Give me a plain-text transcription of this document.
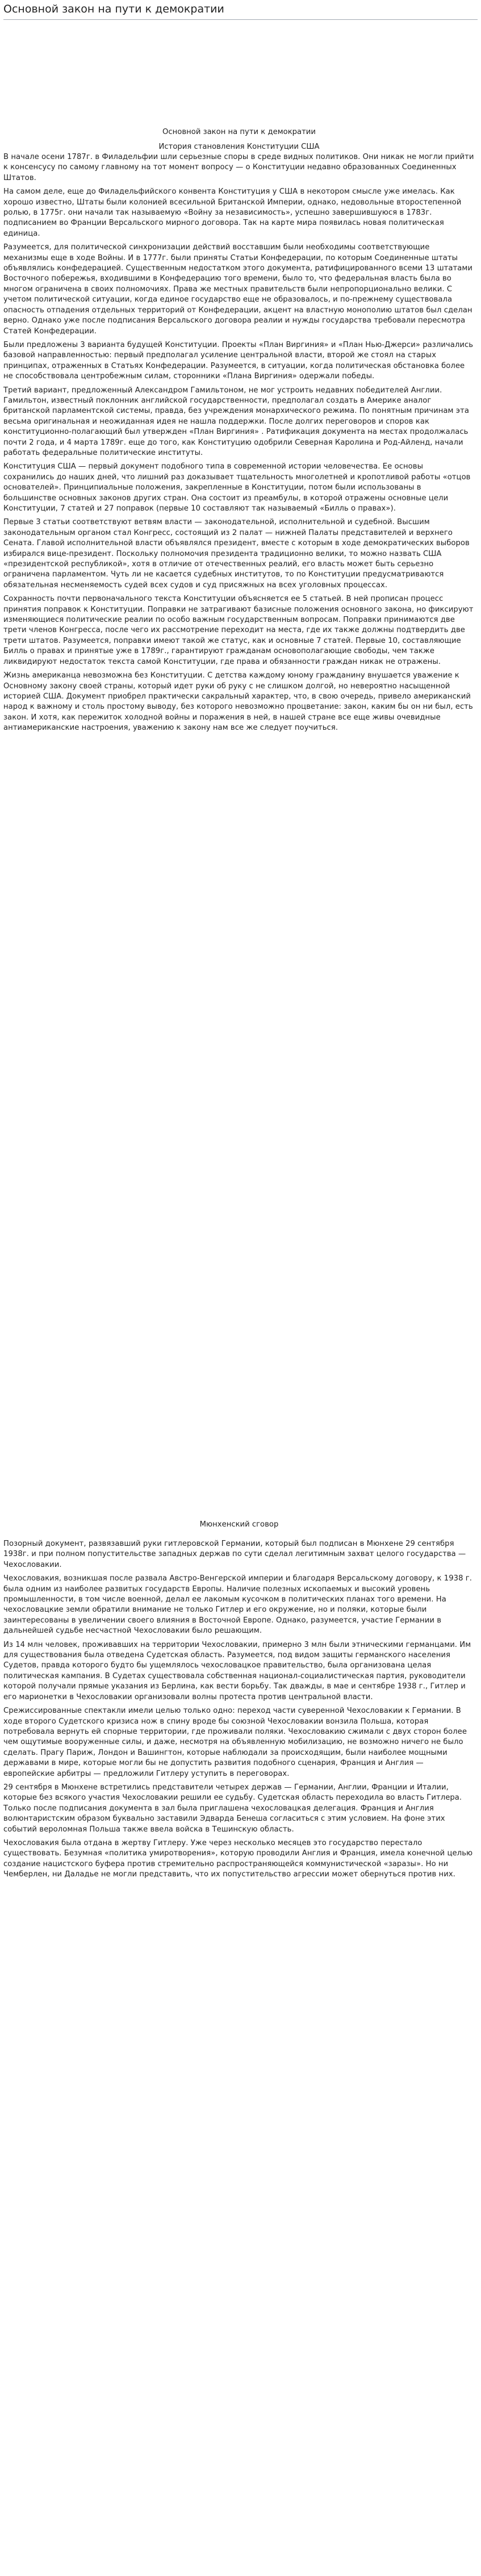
Основной закон на пути к демократии

Основной закон на пути к демократии

История становления Конституции США

В начале осени 1787г. в Филадельфии шли серьезные споры в среде видных политиков. Они никак не могли прийти к консенсусу по самому главному на тот момент вопросу — о Конституции недавно образованных Соединенных Штатов.

На самом деле, еще до Филадельфийского конвента Конституция у США в некотором смысле уже имелась. Как хорошо известно, Штаты были колонией всесильной Британской Империи, однако, недовольные второстепенной ролью, в 1775г. они начали так называемую «Войну за независимость», успешно завершившуюся в 1783г. подписанием во Франции Версальского мирного договора. Так на карте мира появилась новая политическая единица.

Разумеется, для политической синхронизации действий восставшим были необходимы соответствующие механизмы еще в ходе Войны. И в 1777г. были приняты Статьи Конфедерации, по которым Соединенные штаты объявлялись конфедерацией. Существенным недостатком этого документа, ратифицированного всеми 13 штатами Восточного побережья, входившими в Конфедерацию того времени, было то, что федеральная власть была во многом ограничена в своих полномочиях. Права же местных правительств были непропорционально велики. С учетом политической ситуации, когда единое государство еще не образовалось, и по-прежнему существовала опасность отпадения отдельных территорий от Конфедерации, акцент на властную монополию штатов был сделан верно. Однако уже после подписания Версальского договора реалии и нужды государства требовали пересмотра Статей Конфедерации.

Были предложены 3 варианта будущей Конституции. Проекты «План Виргиния» и «План Нью-Джерси» различались базовой направленностью: первый предполагал усиление центральной власти, второй же стоял на старых принципах, отраженных в Статьях Конфедерации. Разумеется, в ситуации, когда политическая обстановка более не способствовала центробежным силам, сторонники «Плана Виргиния» одержали победы.

Третий вариант, предложенный Александром Гамильтоном, не мог устроить недавних победителей Англии. Гамильтон, известный поклонник английской государственности, предполагал создать в Америке аналог британской парламентской системы, правда, без учреждения монархического режима. По понятным причинам эта весьма оригинальная и неожиданная идея не нашла поддержки. После долгих переговоров и споров как конституционно-полагающий был утвержден «План Виргиния» . Ратификация документа на местах продолжалась почти 2 года, и 4 марта 1789г. еще до того, как Конституцию одобрили Северная Каролина и Род-Айленд, начали работать федеральные политические институты.

Конституция США — первый документ подобного типа в современной истории человечества. Ее основы сохранились до наших дней, что лишний раз доказывает тщательность многолетней и кропотливой работы «отцов основателей». Принципиальные положения, закрепленные в Конституции, потом были использованы в большинстве основных законов других стран. Она состоит из преамбулы, в которой отражены основные цели Конституции, 7 статей и 27 поправок (первые 10 составляют так называемый «Билль о правах»).

Первые 3 статьи соответствуют ветвям власти — законодательной, исполнительной и судебной. Высшим законодательным органом стал Конгресс, состоящий из 2 палат — нижней Палаты представителей и верхнего Сената. Главой исполнительной власти объявлялся президент, вместе с которым в ходе демократических выборов избирался вице-президент. Поскольку полномочия президента традиционно велики, то можно назвать США «президентской республикой», хотя в отличие от отечественных реалий, его власть может быть серьезно ограничена парламентом. Чуть ли не касается судебных институтов, то по Конституции предусматриваются обязательная несменяемость судей всех судов и суд присяжных на всех уголовных процессах.

Сохранность почти первоначального текста Конституции объясняется ее 5 статьей. В ней прописан процесс принятия поправок к Конституции. Поправки не затрагивают базисные положения основного закона, но фиксируют изменяющиеся политические реалии по особо важным государственным вопросам. Поправки принимаются две трети членов Конгресса, после чего их рассмотрение переходит на места, где их также должны подтвердить две трети штатов. Разумеется, поправки имеют такой же статус, как и основные 7 статей. Первые 10, составляющие Билль о правах и принятые уже в 1789г., гарантируют гражданам основополагающие свободы, чем также ликвидируют недостаток текста самой Конституции, где права и обязанности граждан никак не отражены.

Жизнь американца невозможна без Конституции. С детства каждому юному гражданину внушается уважение к Основному закону своей страны, который идет руки об руку с не слишком долгой, но невероятно насыщенной историей США. Документ приобрел практически сакральный характер, что, в свою очередь, привело американский народ к важному и столь простому выводу, без которого невозможно процветание: закон, каким бы он ни был, есть закон. И хотя, как пережиток холодной войны и поражения в ней, в нашей стране все еще живы очевидные антиамериканские настроения, уважению к закону нам все же следует поучиться.

Мюнхенский сговор

Позорный документ, развязавший руки гитлеровской Германии, который был подписан в Мюнхене 29 сентября 1938г. и при полном попустительстве западных держав по сути сделал легитимным захват целого государства — Чехословакии.

Чехословакия, возникшая после развала Австро-Венгерской империи и благодаря Версальскому договору, к 1938 г. была одним из наиболее развитых государств Европы. Наличие полезных ископаемых и высокий уровень промышленности, в том числе военной, делал ее лакомым кусочком в политических планах того времени. На чехословацкие земли обратили внимание не только Гитлер и его окружение, но и поляки, которые были заинтересованы в увеличении своего влияния в Восточной Европе. Однако, разумеется, участие Германии в дальнейшей судьбе несчастной Чехословакии было решающим.

Из 14 млн человек, проживавших на территории Чехословакии, примерно 3 млн были этническими германцами. Им для существования была отведена Судетская область. Разумеется, под видом защиты германского населения Судетов, правда которого будто бы ущемлялось чехословацкое правительство, была организована целая политическая кампания. В Судетах существовала собственная национал-социалистическая партия, руководители которой получали прямые указания из Берлина, как вести борьбу. Так дважды, в мае и сентябре 1938 г., Гитлер и его марионетки в Чехословакии организовали волны протеста против центральной власти.

Срежиссированные спектакли имели целью только одно: переход части суверенной Чехословакии к Германии. В ходе второго Судетского кризиса нож в спину вроде бы союзной Чехословакии вонзила Польша, которая потребовала вернуть ей спорные территории, где проживали поляки. Чехословакию сжимали с двух сторон более чем ощутимые вооруженные силы, и даже, несмотря на объявленную мобилизацию, не возможно ничего не было сделать. Прагу Париж, Лондон и Вашингтон, которые наблюдали за происходящим, были наиболее мощными державами в мире, которые могли бы не допустить развития подобного сценария, Франция и Англия — европейские арбитры — предложили Гитлеру уступить в переговорах.

29 сентября в Мюнхене встретились представители четырех держав — Германии, Англии, Франции и Италии, которые без всякого участия Чехословакии решили ее судьбу. Судетская область переходила во власть Гитлера. Только после подписания документа в зал была приглашена чехословацкая делегация. Франция и Англия волюнтаристским образом буквально заставили Эдварда Бенеша согласиться с этим условием. На фоне этих событий вероломная Польша также ввела войска в Тешинскую область.

Чехословакия была отдана в жертву Гитлеру. Уже через несколько месяцев это государство перестало существовать. Безумная «политика умиротворения», которую проводили Англия и Франция, имела конечной целью создание нацистского буфера против стремительно распространяющейся коммунистической «заразы». Но ни Чемберлен, ни Даладье не могли представить, что их попустительство агрессии может обернуться против них.
